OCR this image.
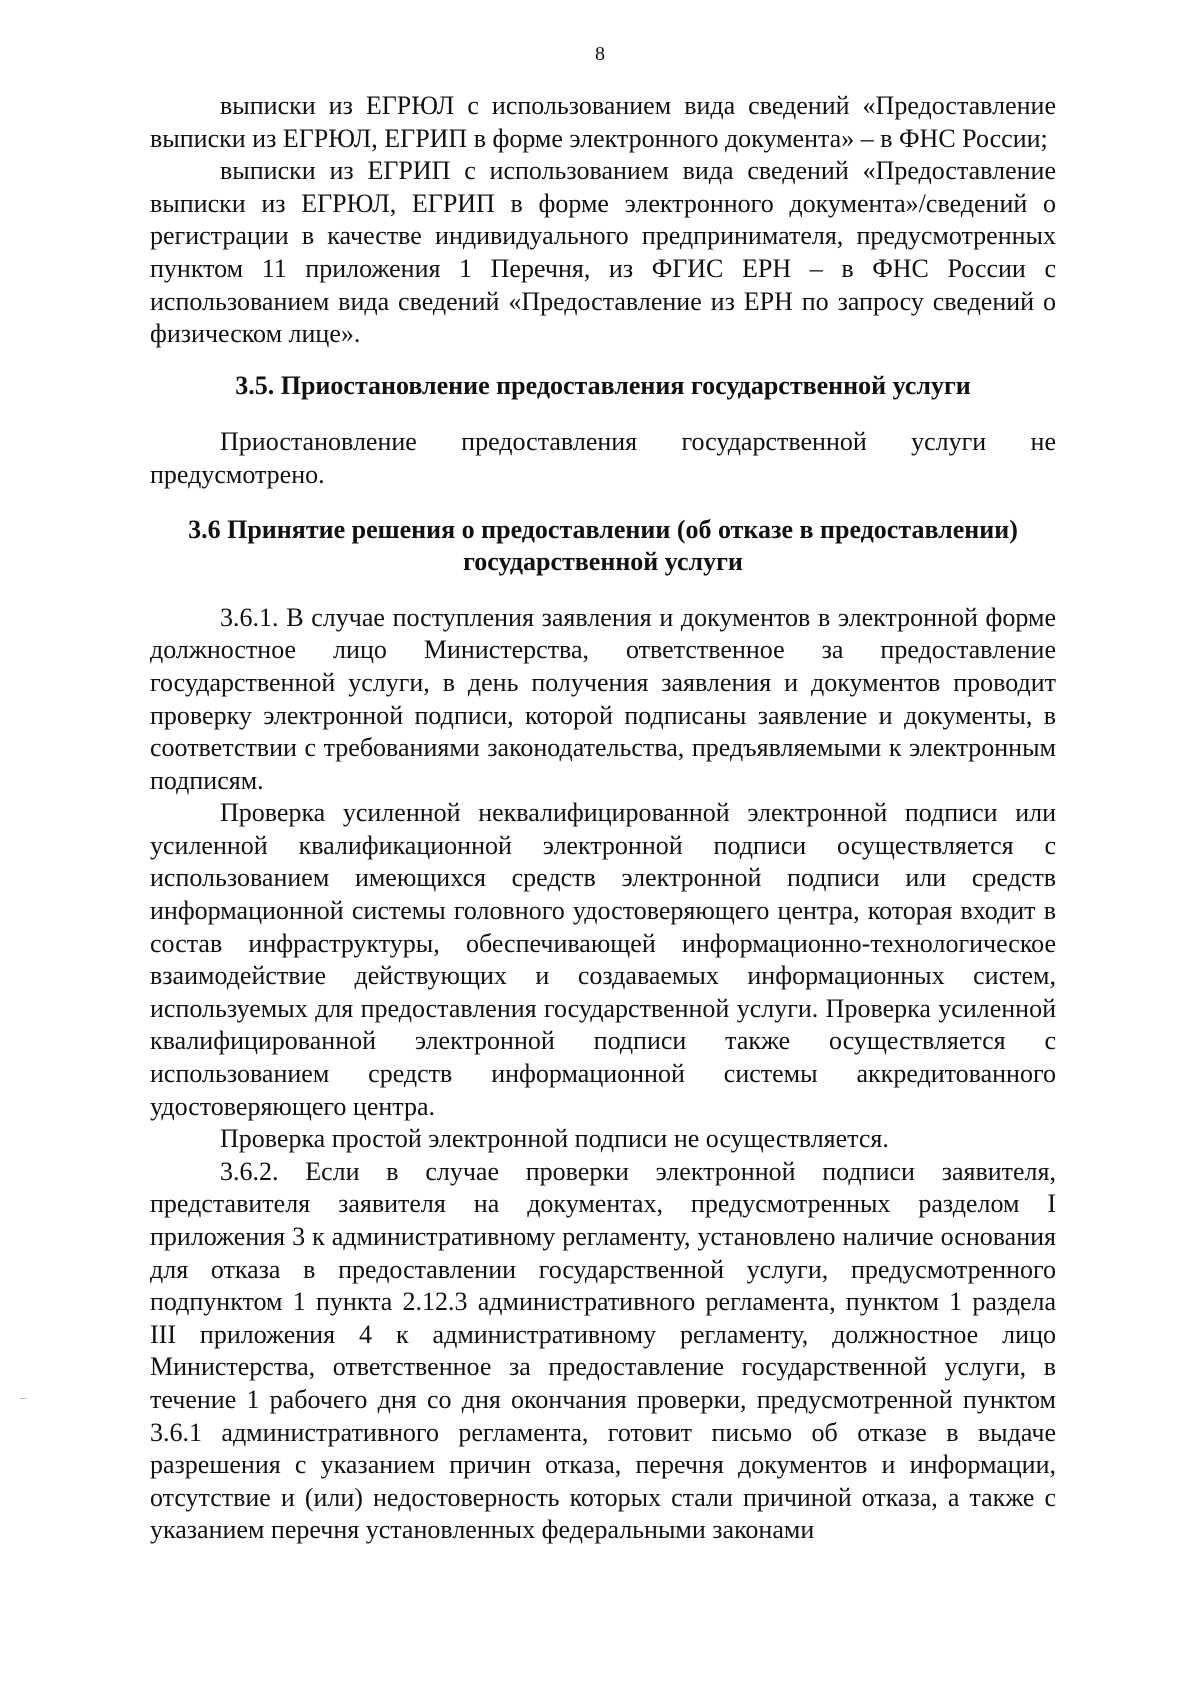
8

выписки из ЕГРЮЛ с использованием вида сведений «Предоставление выписки из ЕГРЮЛ, ЕГРИП в форме электронного документа» – в ФНС России;

выписки из ЕГРИП с использованием вида сведений «Предоставление выписки из ЕГРЮЛ, ЕГРИП в форме электронного документа»/сведений о регистрации в качестве индивидуального предпринимателя, предусмотренных пунктом 11 приложения 1 Перечня, из ФГИС ЕРН – в ФНС России с использованием вида сведений «Предоставление из ЕРН по запросу сведений о физическом лице».

3.5. Приостановление предоставления государственной услуги

Приостановление предоставления государственной услуги не предусмотрено.

3.6 Принятие решения о предоставлении (об отказе в предоставлении) государственной услуги

3.6.1. В случае поступления заявления и документов в электронной форме должностное лицо Министерства, ответственное за предоставление государственной услуги, в день получения заявления и документов проводит проверку электронной подписи, которой подписаны заявление и документы, в соответствии с требованиями законодательства, предъявляемыми к электронным подписям.

Проверка усиленной неквалифицированной электронной подписи или усиленной квалификационной электронной подписи осуществляется с использованием имеющихся средств электронной подписи или средств информационной системы головного удостоверяющего центра, которая входит в состав инфраструктуры, обеспечивающей информационно-технологическое взаимодействие действующих и создаваемых информационных систем, используемых для предоставления государственной услуги. Проверка усиленной квалифицированной электронной подписи также осуществляется с использованием средств информационной системы аккредитованного удостоверяющего центра.

Проверка простой электронной подписи не осуществляется.

3.6.2. Если в случае проверки электронной подписи заявителя, представителя заявителя на документах, предусмотренных разделом I приложения 3 к административному регламенту, установлено наличие основания для отказа в предоставлении государственной услуги, предусмотренного подпунктом 1 пункта 2.12.3 административного регламента, пунктом 1 раздела III приложения 4 к административному регламенту, должностное лицо Министерства, ответственное за предоставление государственной услуги, в течение 1 рабочего дня со дня окончания проверки, предусмотренной пунктом 3.6.1 административного регламента, готовит письмо об отказе в выдаче разрешения с указанием причин отказа, перечня документов и информации, отсутствие и (или) недостоверность которых стали причиной отказа, а также с указанием перечня установленных федеральными законами
